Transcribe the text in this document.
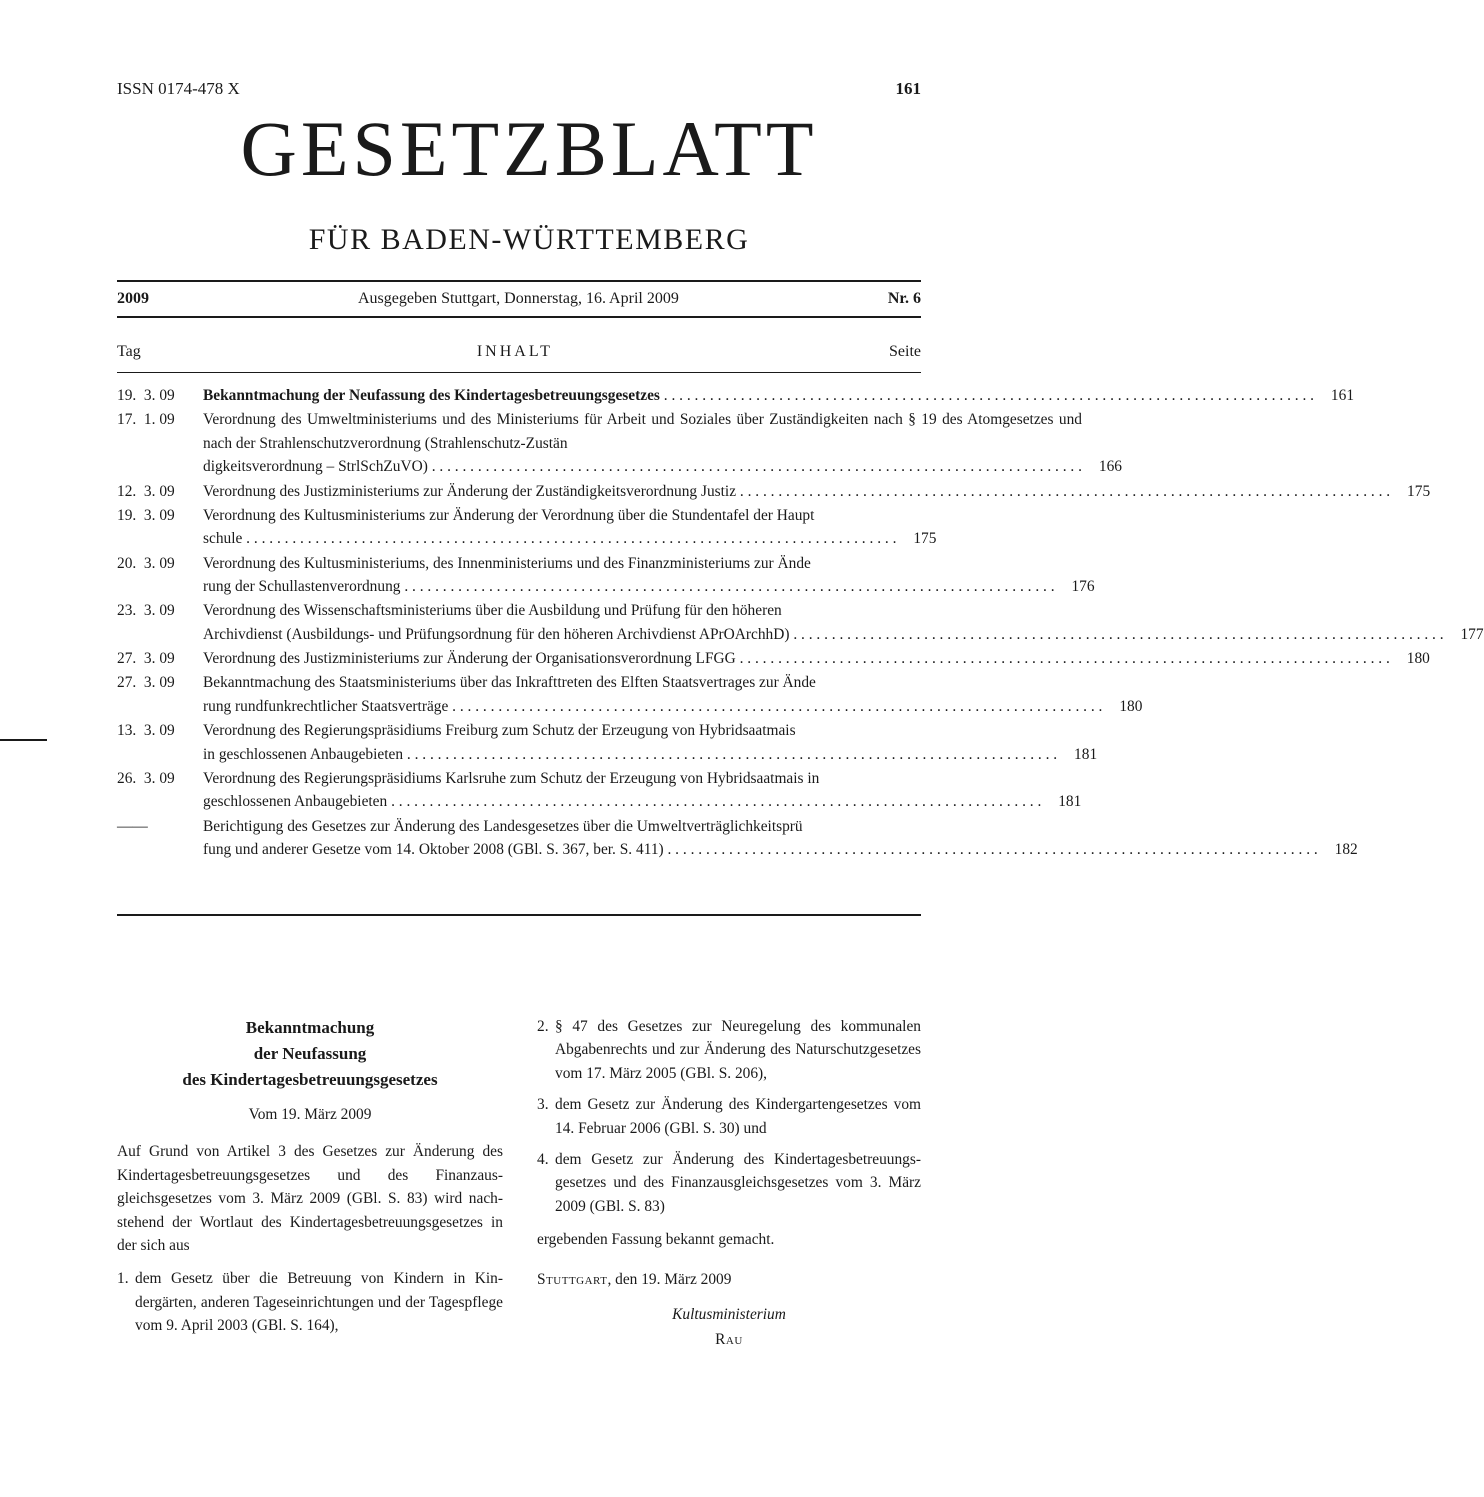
ISSN 0174-478 X	161
GESETZBLATT
FÜR BADEN-WÜRTTEMBERG
2009	Ausgegeben Stuttgart, Donnerstag, 16. April 2009	Nr. 6
Tag	INHALT	Seite
19.  3. 09	Bekanntmachung der Neufassung des Kindertagesbetreuungsgesetzes . . . . . . . . . . . . . . . . . . . . . . . . . . . . . . . . . . . . . . . . . . . . . . . . . . . . . . . . . . . . . . . . . . . . . . . . . . . . . . . . . . . . .	161
17.  1. 09	Verordnung des Umweltministeriums und des Ministeriums für Arbeit und Soziales über Zuständigkeiten nach § 19 des Atomgesetzes und nach der Strahlenschutzverordnung (Strahlenschutz-Zustän
digkeitsverordnung – StrlSchZuVO) . . . . . . . . . . . . . . . . . . . . . . . . . . . . . . . . . . . . . . . . . . . . . . . . . . . . . . . . . . . . . . . . . . . . . . . . . . . . . . . . . . . . .	166
12.  3. 09	Verordnung des Justizministeriums zur Änderung der Zuständigkeitsverordnung Justiz . . . . . . . . . . . . . . . . . . . . . . . . . . . . . . . . . . . . . . . . . . . . . . . . . . . . . . . . . . . . . . . . . . . . . . . . . . . . . . . . . . . . .	175
19.  3. 09	Verordnung des Kultusministeriums zur Änderung der Verordnung über die Stundentafel der Haupt
schule . . . . . . . . . . . . . . . . . . . . . . . . . . . . . . . . . . . . . . . . . . . . . . . . . . . . . . . . . . . . . . . . . . . . . . . . . . . . . . . . . . . . .	175
20.  3. 09	Verordnung des Kultusministeriums, des Innenministeriums und des Finanzministeriums zur Ände
rung der Schullastenverordnung . . . . . . . . . . . . . . . . . . . . . . . . . . . . . . . . . . . . . . . . . . . . . . . . . . . . . . . . . . . . . . . . . . . . . . . . . . . . . . . . . . . . .	176
23.  3. 09	Verordnung des Wissenschaftsministeriums über die Ausbildung und Prüfung für den höheren
Archivdienst (Ausbildungs- und Prüfungsordnung für den höheren Archivdienst APrOArchhD) . . . . . . . . . . . . . . . . . . . . . . . . . . . . . . . . . . . . . . . . . . . . . . . . . . . . . . . . . . . . . . . . . . . . . . . . . . . . . . . . . . . . .	177
27.  3. 09	Verordnung des Justizministeriums zur Änderung der Organisationsverordnung LFGG . . . . . . . . . . . . . . . . . . . . . . . . . . . . . . . . . . . . . . . . . . . . . . . . . . . . . . . . . . . . . . . . . . . . . . . . . . . . . . . . . . . . .	180
27.  3. 09	Bekanntmachung des Staatsministeriums über das Inkrafttreten des Elften Staatsvertrages zur Ände
rung rundfunkrechtlicher Staatsverträge . . . . . . . . . . . . . . . . . . . . . . . . . . . . . . . . . . . . . . . . . . . . . . . . . . . . . . . . . . . . . . . . . . . . . . . . . . . . . . . . . . . . .	180
13.  3. 09	Verordnung des Regierungspräsidiums Freiburg zum Schutz der Erzeugung von Hybridsaatmais
in geschlossenen Anbaugebieten . . . . . . . . . . . . . . . . . . . . . . . . . . . . . . . . . . . . . . . . . . . . . . . . . . . . . . . . . . . . . . . . . . . . . . . . . . . . . . . . . . . . .	181
26.  3. 09	Verordnung des Regierungspräsidiums Karlsruhe zum Schutz der Erzeugung von Hybridsaatmais in
geschlossenen Anbaugebieten . . . . . . . . . . . . . . . . . . . . . . . . . . . . . . . . . . . . . . . . . . . . . . . . . . . . . . . . . . . . . . . . . . . . . . . . . . . . . . . . . . . . .	181
——	Berichtigung des Gesetzes zur Änderung des Landesgesetzes über die Umweltverträglichkeitsprü
fung und anderer Gesetze vom 14. Oktober 2008 (GBl. S. 367, ber. S. 411) . . . . . . . . . . . . . . . . . . . . . . . . . . . . . . . . . . . . . . . . . . . . . . . . . . . . . . . . . . . . . . . . . . . . . . . . . . . . . . . . . . . . .	182
Bekanntmachung
der Neufassung
des Kindertagesbetreuungsgesetzes
Vom 19. März 2009
Auf Grund von Artikel 3 des Gesetzes zur Änderung des Kindertagesbetreuungsgesetzes und des Finanzausgleichsgesetzes vom 3. März 2009 (GBl. S. 83) wird nachstehend der Wortlaut des Kindertagesbetreuungsgesetzes in der sich aus
1. dem Gesetz über die Betreuung von Kindern in Kindergärten, anderen Tageseinrichtungen und der Tagespflege vom 9. April 2003 (GBl. S. 164),
2. § 47 des Gesetzes zur Neuregelung des kommunalen Abgabenrechts und zur Änderung des Naturschutzgesetzes vom 17. März 2005 (GBl. S. 206),
3. dem Gesetz zur Änderung des Kindergartengesetzes vom 14. Februar 2006 (GBl. S. 30) und
4. dem Gesetz zur Änderung des Kindertagesbetreuungsgesetzes und des Finanzausgleichsgesetzes vom 3. März 2009 (GBl. S. 83)
ergebenden Fassung bekannt gemacht.
Stuttgart, den 19. März 2009
Kultusministerium
Rau
